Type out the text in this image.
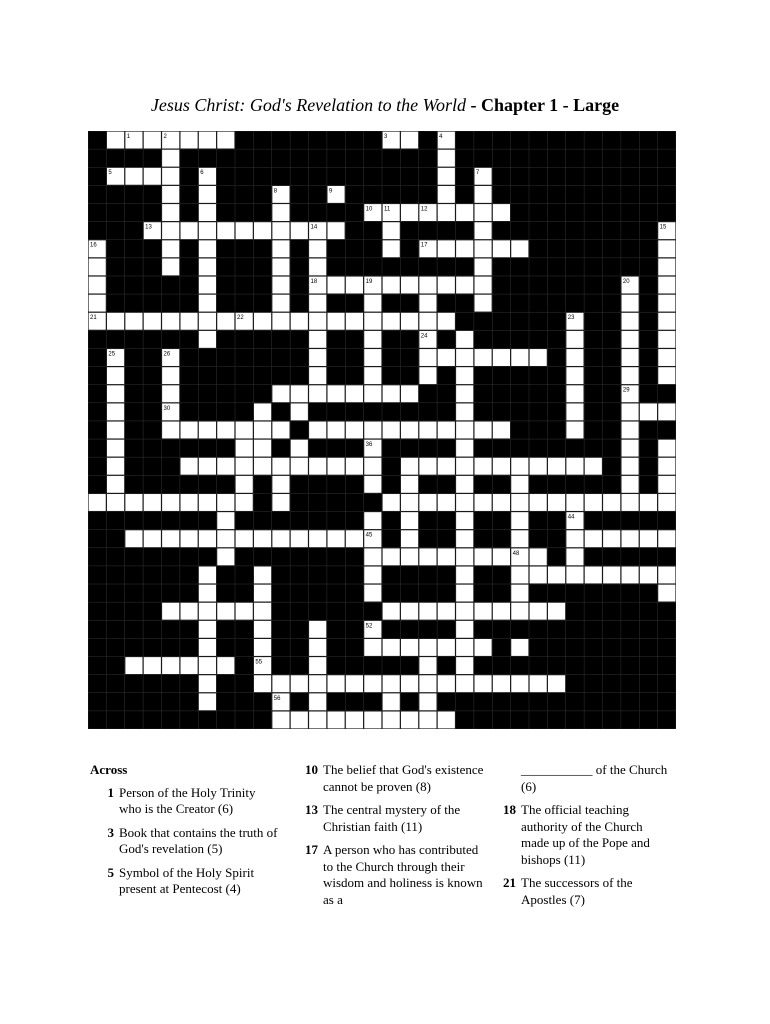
Jesus Christ: God's Revelation to the World - Chapter 1 - Large
1	2	3	4
5	6	7
8	9
10 11	12
13	14	15
16	17
18	19	20
21	22	23
24
25	26
27 28
29
30	31	32	33
34
35	36	37	38	39
40	41
42
43	44
45
46	47	48
49	50
51
52	53
54
55
56
Across
1 Person of the Holy Trinity who is the Creator (6)
3 Book that contains the truth of God's revelation (5)
5 Symbol of the Holy Spirit present at Pentecost (4)
10 The belief that God's existence cannot be proven (8)
13 The central mystery of the Christian faith (11)
17 A person who has contributed to the Church through their wisdom and holiness is known as a
___________ of the Church (6)
18 The official teaching authority of the Church made up of the Pope and bishops (11)
21 The successors of the Apostles (7)
